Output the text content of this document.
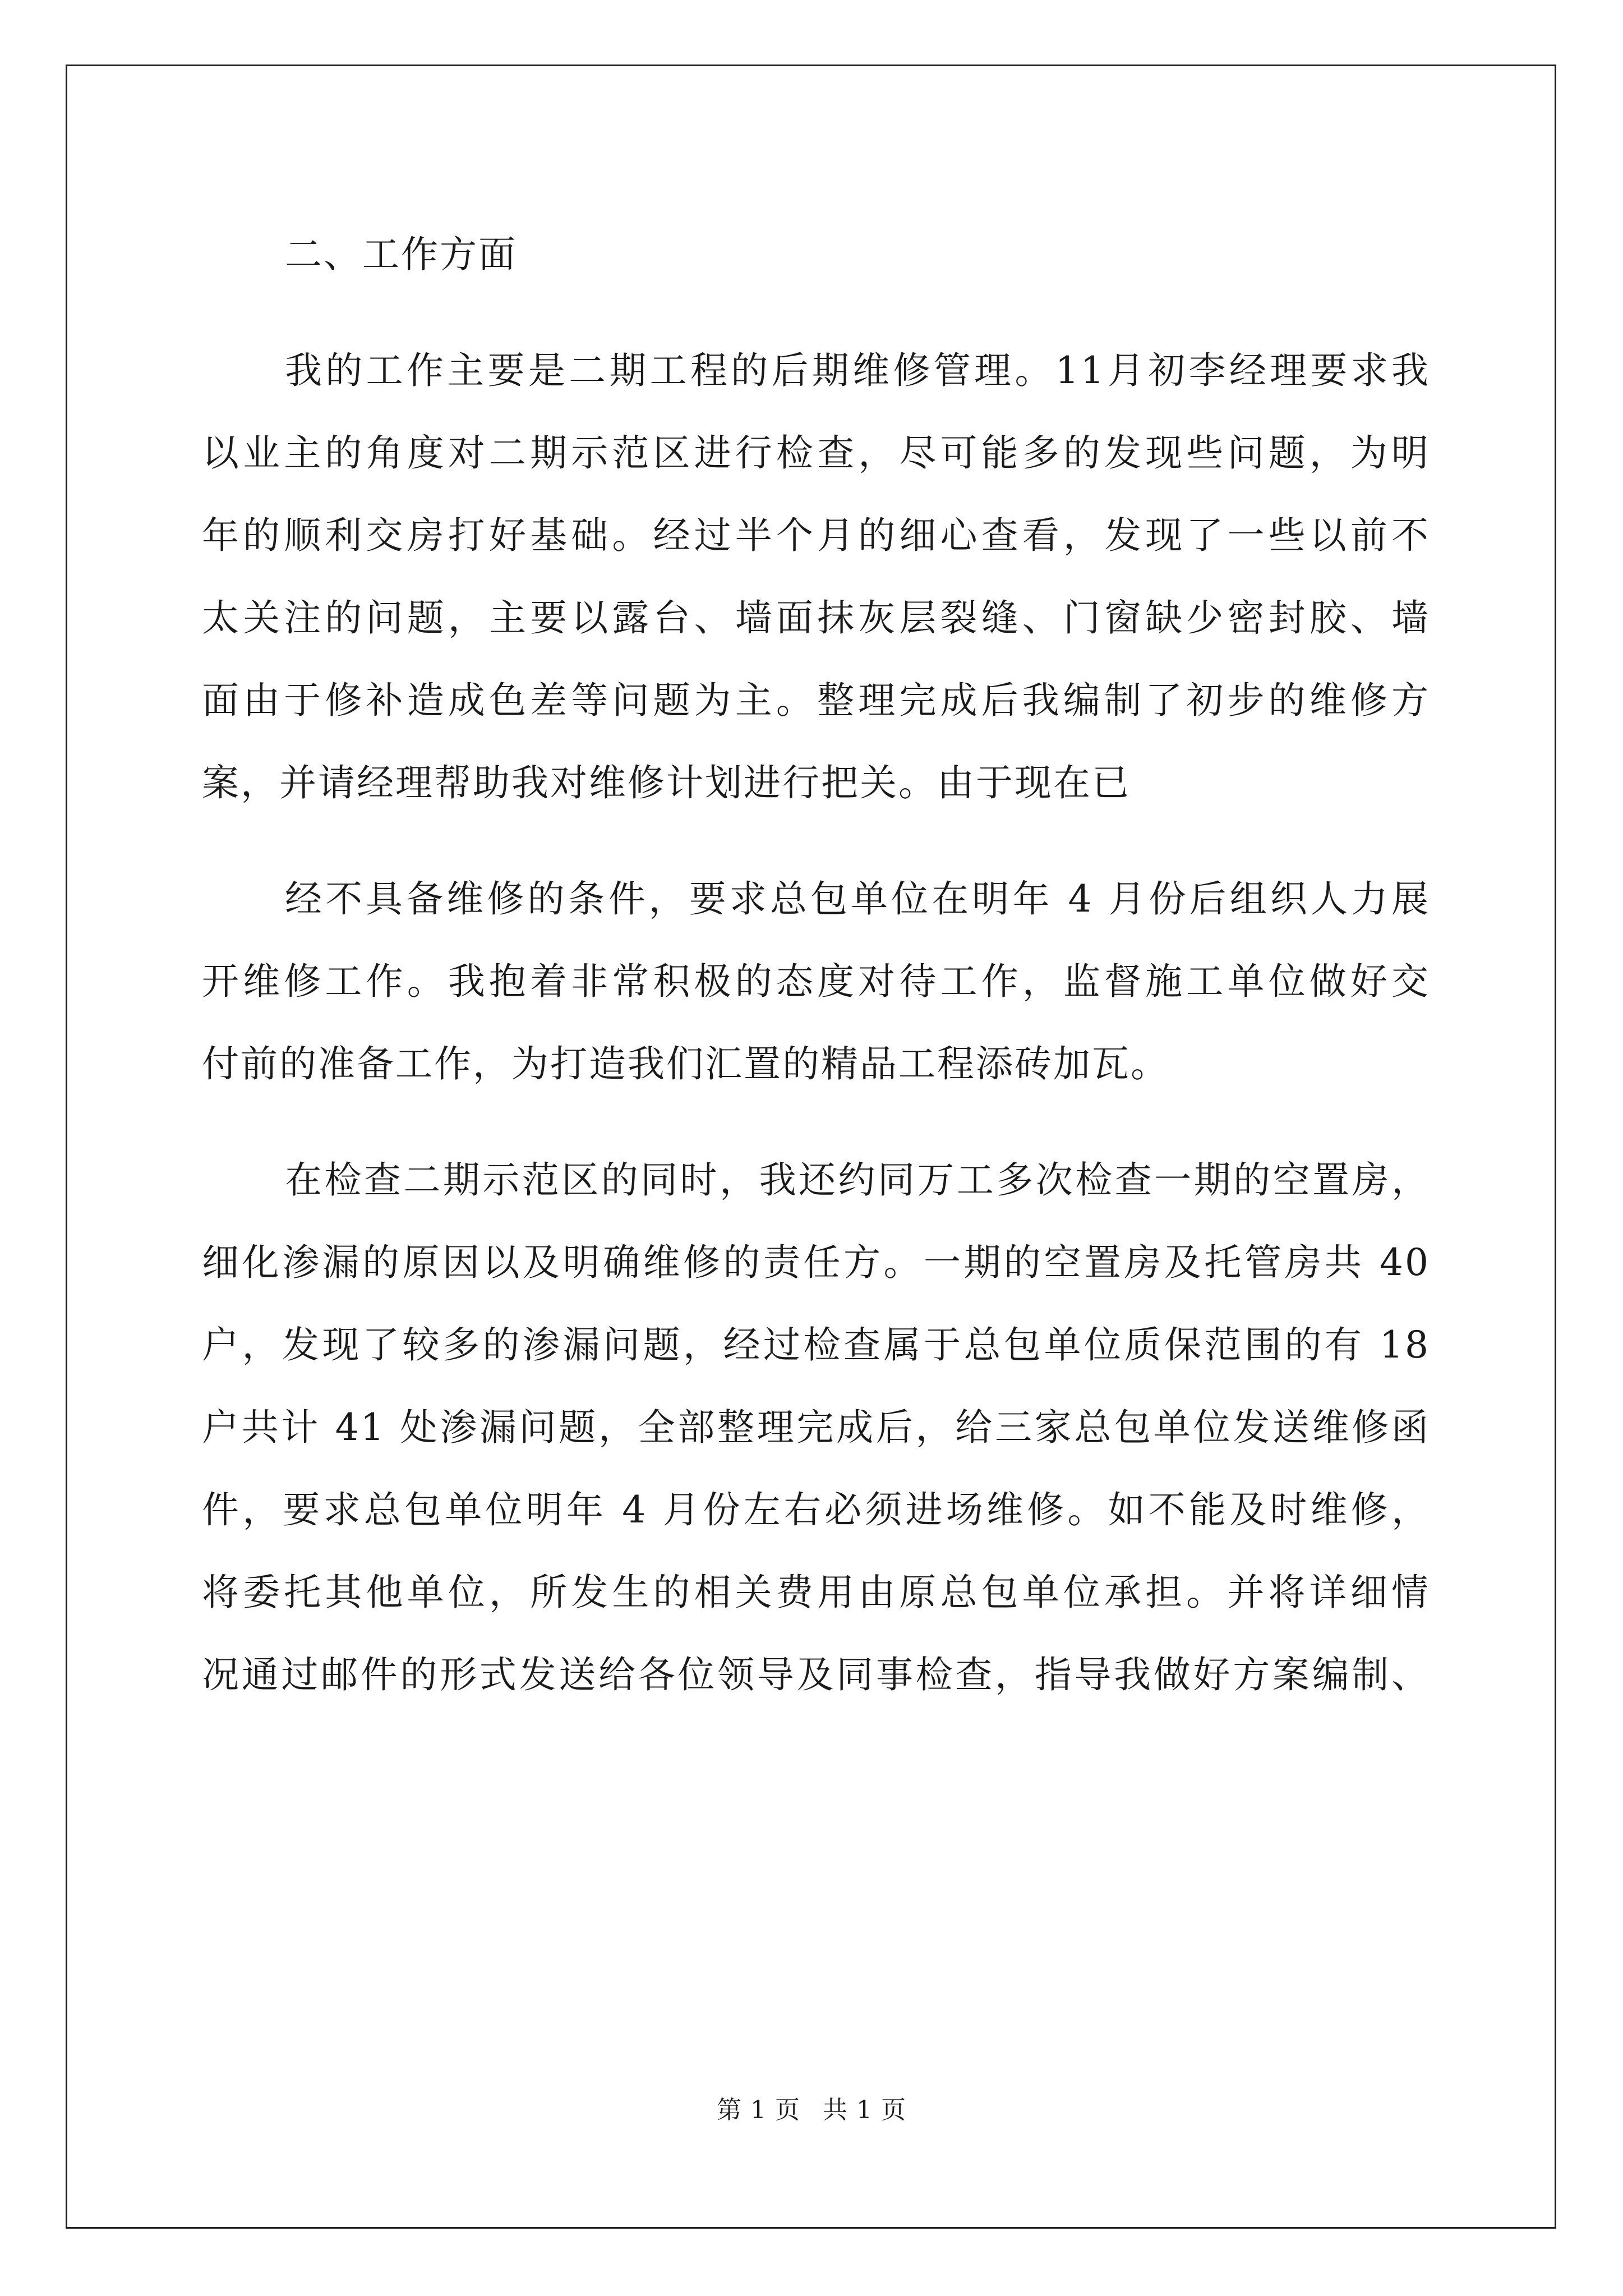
二、工作方面
我的工作主要是二期工程的后期维修管理。11月初李经理要求我
以业主的角度对二期示范区进行检查，尽可能多的发现些问题，为明
年的顺利交房打好基础。经过半个月的细心查看，发现了一些以前不
太关注的问题，主要以露台、墙面抹灰层裂缝、门窗缺少密封胶、墙
面由于修补造成色差等问题为主。整理完成后我编制了初步的维修方
案，并请经理帮助我对维修计划进行把关。由于现在已
经不具备维修的条件，要求总包单位在明年 4 月份后组织人力展
开维修工作。我抱着非常积极的态度对待工作，监督施工单位做好交
付前的准备工作，为打造我们汇置的精品工程添砖加瓦。
在检查二期示范区的同时，我还约同万工多次检查一期的空置房，
细化渗漏的原因以及明确维修的责任方。一期的空置房及托管房共 40
户，发现了较多的渗漏问题，经过检查属于总包单位质保范围的有 18
户共计 41 处渗漏问题，全部整理完成后，给三家总包单位发送维修函
件，要求总包单位明年 4 月份左右必须进场维修。如不能及时维修，
将委托其他单位，所发生的相关费用由原总包单位承担。并将详细情
况通过邮件的形式发送给各位领导及同事检查，指导我做好方案编制、
第 1 页 共 1 页
